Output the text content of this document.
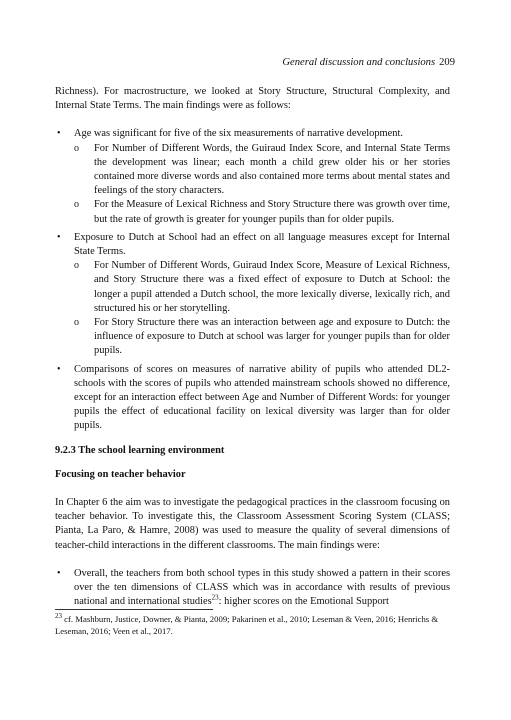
General discussion and conclusions 209

Richness). For macrostructure, we looked at Story Structure, Structural Complexity, and Internal State Terms. The main findings were as follows:

• Age was significant for five of the six measurements of narrative development.
o For Number of Different Words, the Guiraud Index Score, and Internal State Terms the development was linear; each month a child grew older his or her stories contained more diverse words and also contained more terms about mental states and feelings of the story characters.
o For the Measure of Lexical Richness and Story Structure there was growth over time, but the rate of growth is greater for younger pupils than for older pupils.
• Exposure to Dutch at School had an effect on all language measures except for Internal State Terms.
o For Number of Different Words, Guiraud Index Score, Measure of Lexical Richness, and Story Structure there was a fixed effect of exposure to Dutch at School: the longer a pupil attended a Dutch school, the more lexically diverse, lexically rich, and structured his or her storytelling.
o For Story Structure there was an interaction between age and exposure to Dutch: the influence of exposure to Dutch at school was larger for younger pupils than for older pupils.
• Comparisons of scores on measures of narrative ability of pupils who attended DL2-schools with the scores of pupils who attended mainstream schools showed no difference, except for an interaction effect between Age and Number of Different Words: for younger pupils the effect of educational facility on lexical diversity was larger than for older pupils.

9.2.3 The school learning environment

Focusing on teacher behavior

In Chapter 6 the aim was to investigate the pedagogical practices in the classroom focusing on teacher behavior. To investigate this, the Classroom Assessment Scoring System (CLASS; Pianta, La Paro, & Hamre, 2008) was used to measure the quality of several dimensions of teacher-child interactions in the different classrooms. The main findings were:

• Overall, the teachers from both school types in this study showed a pattern in their scores over the ten dimensions of CLASS which was in accordance with results of previous national and international studies$^{23}$: higher scores on the Emotional Support
$^{23}$ cf. Mashburn, Justice, Downer, & Pianta, 2009; Pakarinen et al., 2010; Leseman & Veen, 2016; Henrichs & Leseman, 2016; Veen et al., 2017.
